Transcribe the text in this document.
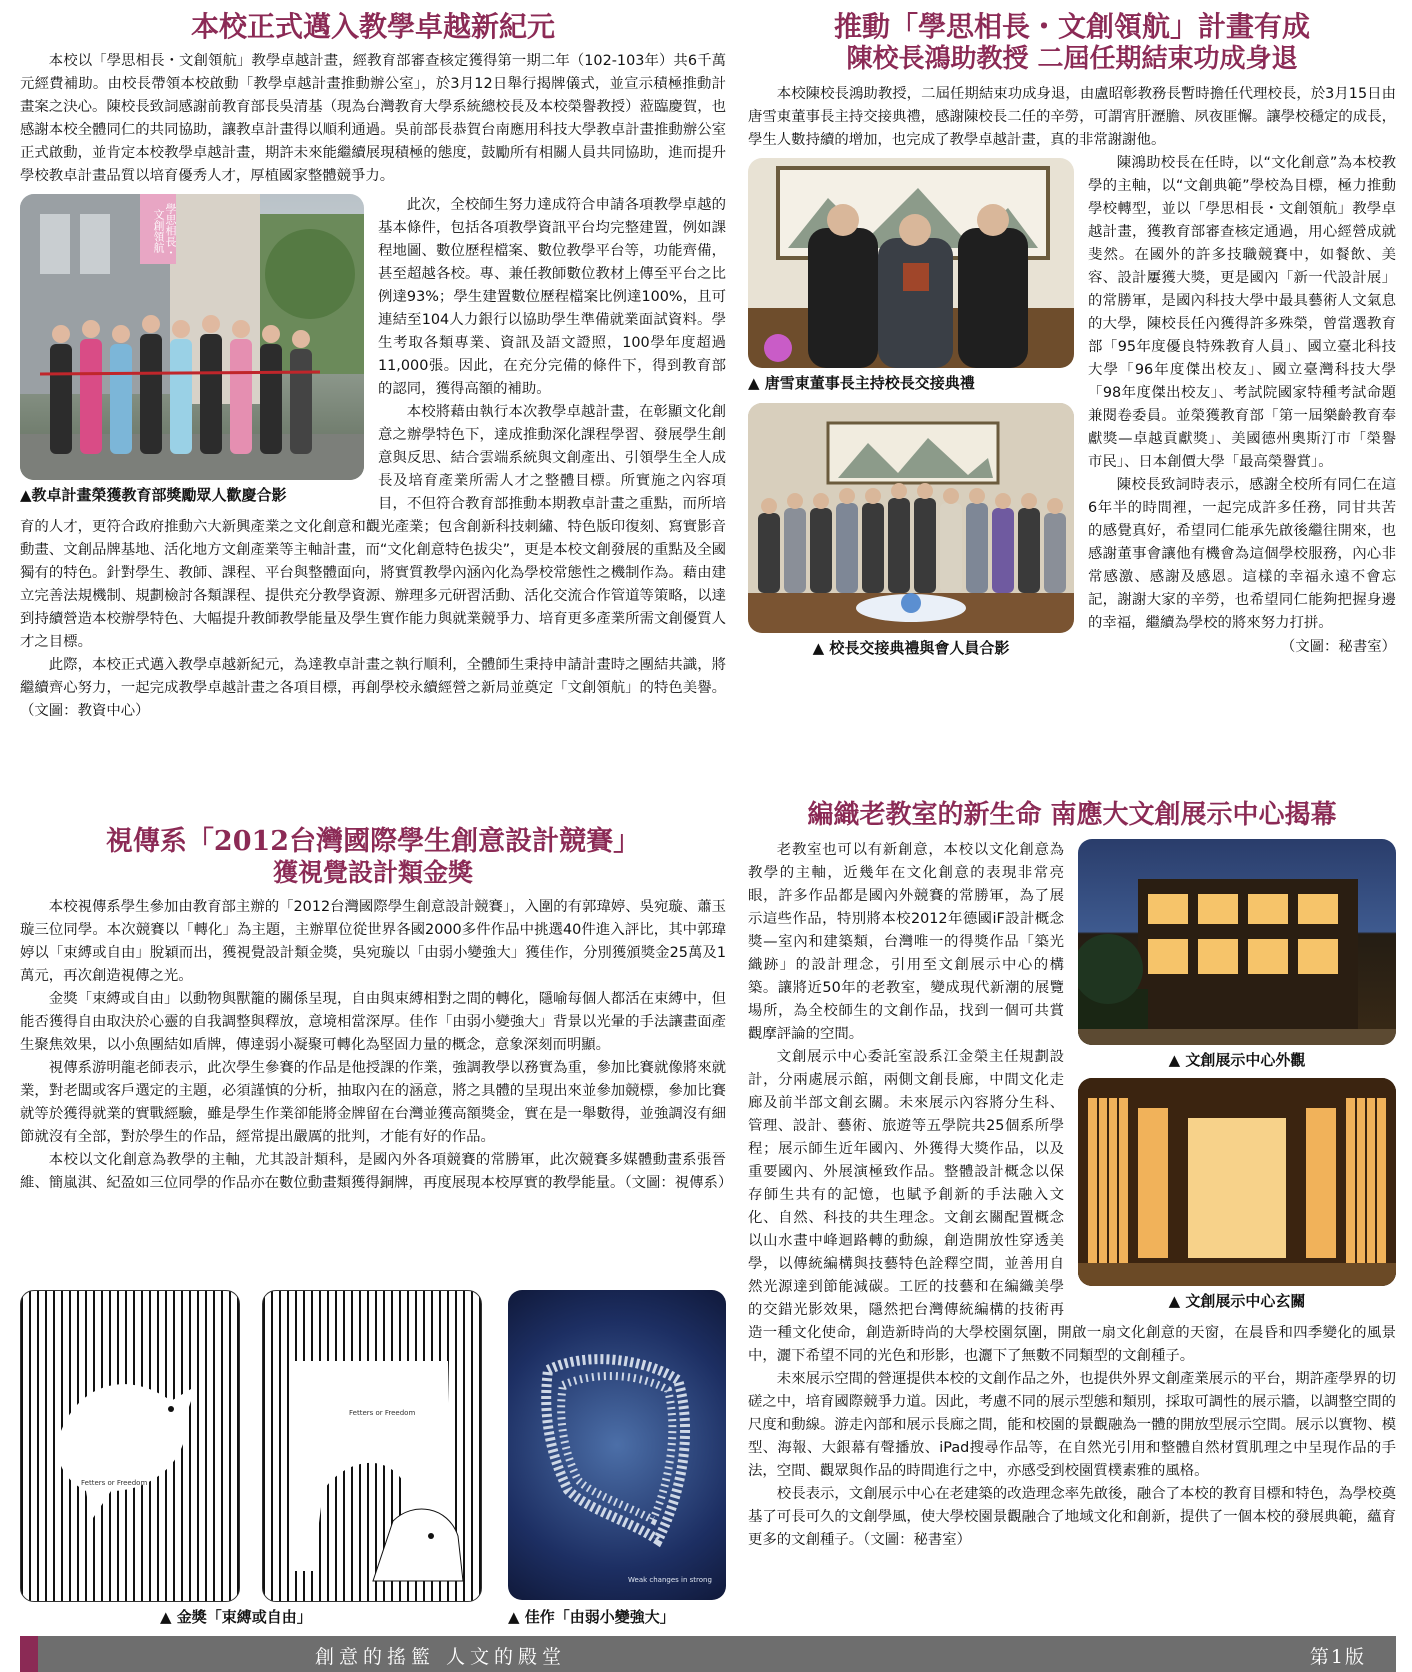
本校正式邁入教學卓越新紀元

本校以「學思相長・文創領航」教學卓越計畫，經教育部審查核定獲得第一期二年（102-103年）共6千萬元經費補助。由校長帶領本校啟動「教學卓越計畫推動辦公室」，於3月12日舉行揭牌儀式，並宣示積極推動計畫案之決心。陳校長致詞感謝前教育部長吳清基（現為台灣教育大學系統總校長及本校榮譽教授）蒞臨慶賀，也感謝本校全體同仁的共同協助，讓教卓計畫得以順利通過。吳前部長恭賀台南應用科技大學教卓計畫推動辦公室正式啟動，並肯定本校教學卓越計畫，期許未來能繼續展現積極的態度，鼓勵所有相關人員共同協助，進而提升學校教卓計畫品質以培育優秀人才，厚植國家整體競爭力。

學思相長・文創領航

▲教卓計畫榮獲教育部獎勵眾人歡慶合影

此次，全校師生努力達成符合申請各項教學卓越的基本條件，包括各項教學資訊平台均完整建置，例如課程地圖、數位歷程檔案、數位教學平台等，功能齊備，甚至超越各校。專、兼任教師數位教材上傳至平台之比例達93%；學生建置數位歷程檔案比例達100%，且可連結至104人力銀行以協助學生準備就業面試資料。學生考取各類專業、資訊及語文證照，100學年度超過11,000張。因此，在充分完備的條件下，得到教育部的認同，獲得高額的補助。

本校將藉由執行本次教學卓越計畫，在彰顯文化創意之辦學特色下，達成推動深化課程學習、發展學生創意與反思、結合雲端系統與文創產出、引領學生全人成長及培育產業所需人才之整體目標。所實施之內容項目，不但符合教育部推動本期教卓計畫之重點，而所培育的人才，更符合政府推動六大新興產業之文化創意和觀光產業；包含創新科技刺繡、特色版印復刻、寫實影音動畫、文創品牌基地、活化地方文創產業等主軸計畫，而“文化創意特色拔尖”，更是本校文創發展的重點及全國獨有的特色。針對學生、教師、課程、平台與整體面向，將實質教學內涵內化為學校常態性之機制作為。藉由建立完善法規機制、規劃檢討各類課程、提供充分教學資源、辦理多元研習活動、活化交流合作管道等策略，以達到持續營造本校辦學特色、大幅提升教師教學能量及學生實作能力與就業競爭力、培育更多產業所需文創優質人才之目標。

此際，本校正式邁入教學卓越新紀元，為達教卓計畫之執行順利，全體師生秉持申請計畫時之團結共識，將繼續齊心努力，一起完成教學卓越計畫之各項目標，再創學校永續經營之新局並奠定「文創領航」的特色美譽。（文圖：教資中心）

推動「學思相長・文創領航」計畫有成
陳校長鴻助教授 二屆任期結束功成身退

本校陳校長鴻助教授，二屆任期結束功成身退，由盧昭彰教務長暫時擔任代理校長，於3月15日由唐雪東董事長主持交接典禮，感謝陳校長二任的辛勞，可謂宵肝瀝膽、夙夜匪懈。讓學校穩定的成長，學生人數持續的增加，也完成了教學卓越計畫，真的非常謝謝他。

▲ 唐雪東董事長主持校長交接典禮

▲ 校長交接典禮與會人員合影

陳鴻助校長在任時，以“文化創意”為本校教學的主軸，以“文創典範”學校為目標，極力推動學校轉型，並以「學思相長・文創領航」教學卓越計畫，獲教育部審查核定通過，用心經營成就斐然。在國外的許多技職競賽中，如餐飲、美容、設計屢獲大獎，更是國內「新一代設計展」的常勝軍，是國內科技大學中最具藝術人文氣息的大學，陳校長任內獲得許多殊榮，曾當選教育部「95年度優良特殊教育人員」、國立臺北科技大學「96年度傑出校友」、國立臺灣科技大學「98年度傑出校友」、考試院國家特種考試命題兼閱卷委員。並榮獲教育部「第一屆樂齡教育奉獻獎—卓越貢獻獎」、美國德州奧斯汀市「榮譽市民」、日本創價大學「最高榮譽賞」。

陳校長致詞時表示，感謝全校所有同仁在這6年半的時間裡，一起完成許多任務，同甘共苦的感覺真好，希望同仁能承先啟後繼往開來，也感謝董事會讓他有機會為這個學校服務，內心非常感激、感謝及感恩。這樣的幸福永遠不會忘記，謝謝大家的辛勞，也希望同仁能夠把握身邊的幸福，繼續為學校的將來努力打拼。

（文圖：秘書室）

視傳系「2012台灣國際學生創意設計競賽」
獲視覺設計類金獎

本校視傳系學生參加由教育部主辦的「2012台灣國際學生創意設計競賽」，入圍的有郭瑋婷、吳宛璇、蕭玉璇三位同學。本次競賽以「轉化」為主題，主辦單位從世界各國2000多件作品中挑選40件進入評比，其中郭瑋婷以「束縛或自由」脫穎而出，獲視覺設計類金獎，吳宛璇以「由弱小變強大」獲佳作，分別獲頒獎金25萬及1萬元，再次創造視傳之光。

金獎「束縛或自由」以動物與獸籠的關係呈現，自由與束縛相對之間的轉化，隱喻每個人都活在束縛中，但能否獲得自由取決於心靈的自我調整與釋放，意境相當深厚。佳作「由弱小變強大」背景以光暈的手法讓畫面產生聚焦效果，以小魚團結如盾牌，傳達弱小凝聚可轉化為堅固力量的概念，意象深刻而明顯。

視傳系游明龍老師表示，此次學生參賽的作品是他授課的作業，強調教學以務實為重，參加比賽就像將來就業，對老闆或客戶選定的主題，必須謹慎的分析，抽取內在的涵意，將之具體的呈現出來並參加競標，參加比賽就等於獲得就業的實戰經驗，雖是學生作業卻能將金牌留在台灣並獲高額獎金，實在是一舉數得，並強調沒有細節就沒有全部，對於學生的作品，經常提出嚴厲的批判，才能有好的作品。

本校以文化創意為教學的主軸，尤其設計類科，是國內外各項競賽的常勝軍，此次競賽多媒體動畫系張晉維、簡嵐淇、紀盈如三位同學的作品亦在數位動畫類獲得銅牌，再度展現本校厚實的教學能量。（文圖：視傳系）

Fetters or Freedom
Fetters or Freedom
Weak changes in strong

▲ 金獎「束縛或自由」	▲ 佳作「由弱小變強大」

編織老教室的新生命 南應大文創展示中心揭幕

▲ 文創展示中心外觀

▲ 文創展示中心玄關

老教室也可以有新創意，本校以文化創意為教學的主軸，近幾年在文化創意的表現非常亮眼，許多作品都是國內外競賽的常勝軍，為了展示這些作品，特別將本校2012年德國iF設計概念獎—室內和建築類，台灣唯一的得獎作品「築光織跡」的設計理念，引用至文創展示中心的構築。讓將近50年的老教室，變成現代新潮的展覽場所，為全校師生的文創作品，找到一個可共賞觀摩評論的空間。

文創展示中心委託室設系江金榮主任規劃設計，分兩處展示館，兩側文創長廊，中間文化走廊及前半部文創玄關。未來展示內容將分生科、管理、設計、藝術、旅遊等五學院共25個系所學程；展示師生近年國內、外獲得大獎作品，以及重要國內、外展演極致作品。整體設計概念以保存師生共有的記憶，也賦予創新的手法融入文化、自然、科技的共生理念。文創玄關配置概念以山水畫中峰迴路轉的動線，創造開放性穿透美學，以傳統編構與技藝特色詮釋空間，並善用自然光源達到節能減碳。工匠的技藝和在編織美學的交錯光影效果，隱然把台灣傳統編構的技術再造一種文化使命，創造新時尚的大學校園氛圍，開啟一扇文化創意的天窗，在晨昏和四季變化的風景中，灑下希望不同的光色和形影，也灑下了無數不同類型的文創種子。

未來展示空間的營運提供本校的文創作品之外，也提供外界文創產業展示的平台，期許產學界的切磋之中，培育國際競爭力道。因此，考慮不同的展示型態和類別，採取可調性的展示牆，以調整空間的尺度和動線。游走內部和展示長廊之間，能和校園的景觀融為一體的開放型展示空間。展示以實物、模型、海報、大銀幕有聲播放、iPad搜尋作品等，在自然光引用和整體自然材質肌理之中呈現作品的手法，空間、觀眾與作品的時間進行之中，亦感受到校園質樸素雅的風格。

校長表示，文創展示中心在老建築的改造理念率先啟後，融合了本校的教育目標和特色，為學校奠基了可長可久的文創學風，使大學校園景觀融合了地域文化和創新，提供了一個本校的發展典範，蘊育更多的文創種子。（文圖：秘書室）

創意的搖籃 人文的殿堂	第1版
